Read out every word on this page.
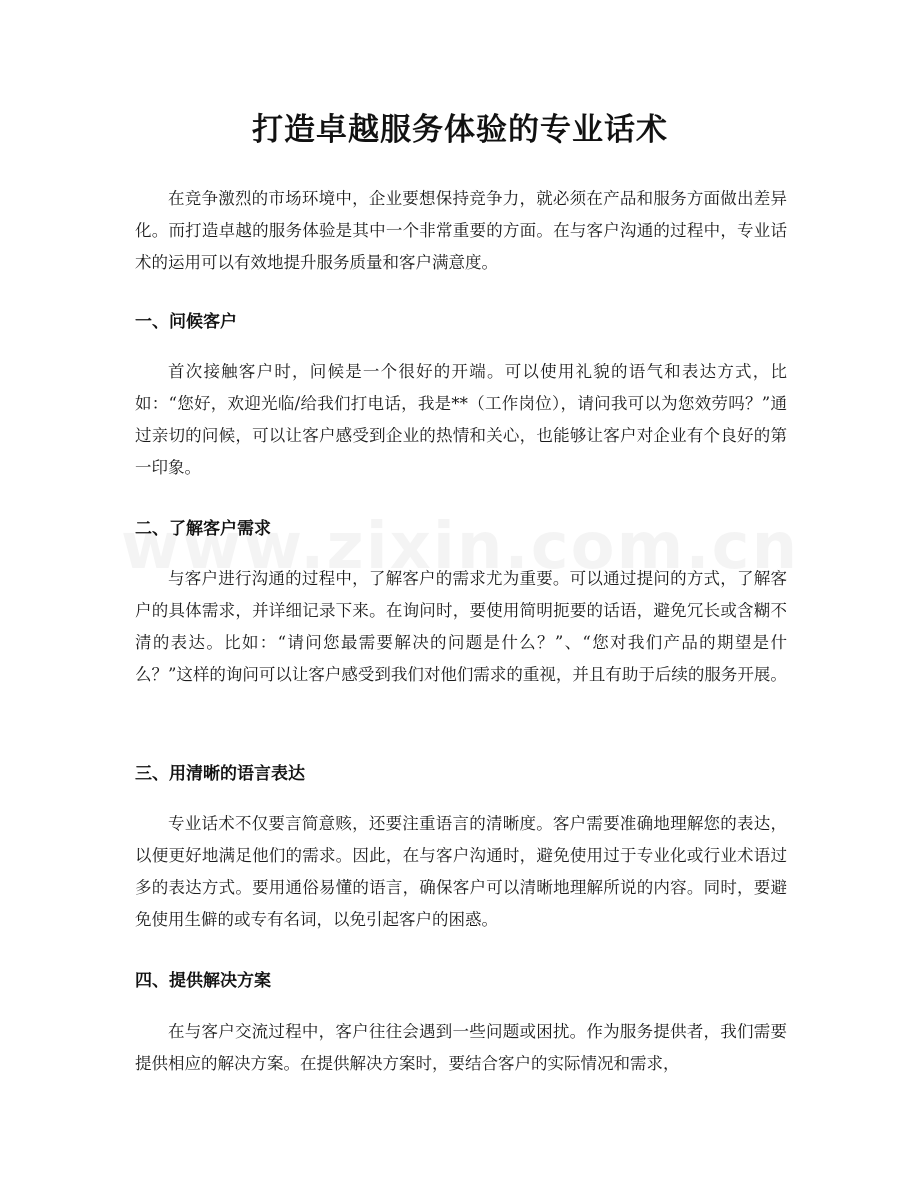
打造卓越服务体验的专业话术

在竞争激烈的市场环境中，企业要想保持竞争力，就必须在产品和服务方面做出差异化。而打造卓越的服务体验是其中一个非常重要的方面。在与客户沟通的过程中，专业话术的运用可以有效地提升服务质量和客户满意度。

一、问候客户

首次接触客户时，问候是一个很好的开端。可以使用礼貌的语气和表达方式，比如：“您好，欢迎光临/给我们打电话，我是**（工作岗位），请问我可以为您效劳吗？”通过亲切的问候，可以让客户感受到企业的热情和关心，也能够让客户对企业有个良好的第一印象。

二、了解客户需求

与客户进行沟通的过程中，了解客户的需求尤为重要。可以通过提问的方式，了解客户的具体需求，并详细记录下来。在询问时，要使用简明扼要的话语，避免冗长或含糊不清的表达。比如：“请问您最需要解决的问题是什么？”、“您对我们产品的期望是什么？”这样的询问可以让客户感受到我们对他们需求的重视，并且有助于后续的服务开展。

三、用清晰的语言表达

专业话术不仅要言简意赅，还要注重语言的清晰度。客户需要准确地理解您的表达，以便更好地满足他们的需求。因此，在与客户沟通时，避免使用过于专业化或行业术语过多的表达方式。要用通俗易懂的语言，确保客户可以清晰地理解所说的内容。同时，要避免使用生僻的或专有名词，以免引起客户的困惑。

四、提供解决方案

在与客户交流过程中，客户往往会遇到一些问题或困扰。作为服务提供者，我们需要提供相应的解决方案。在提供解决方案时，要结合客户的实际情况和需求，
